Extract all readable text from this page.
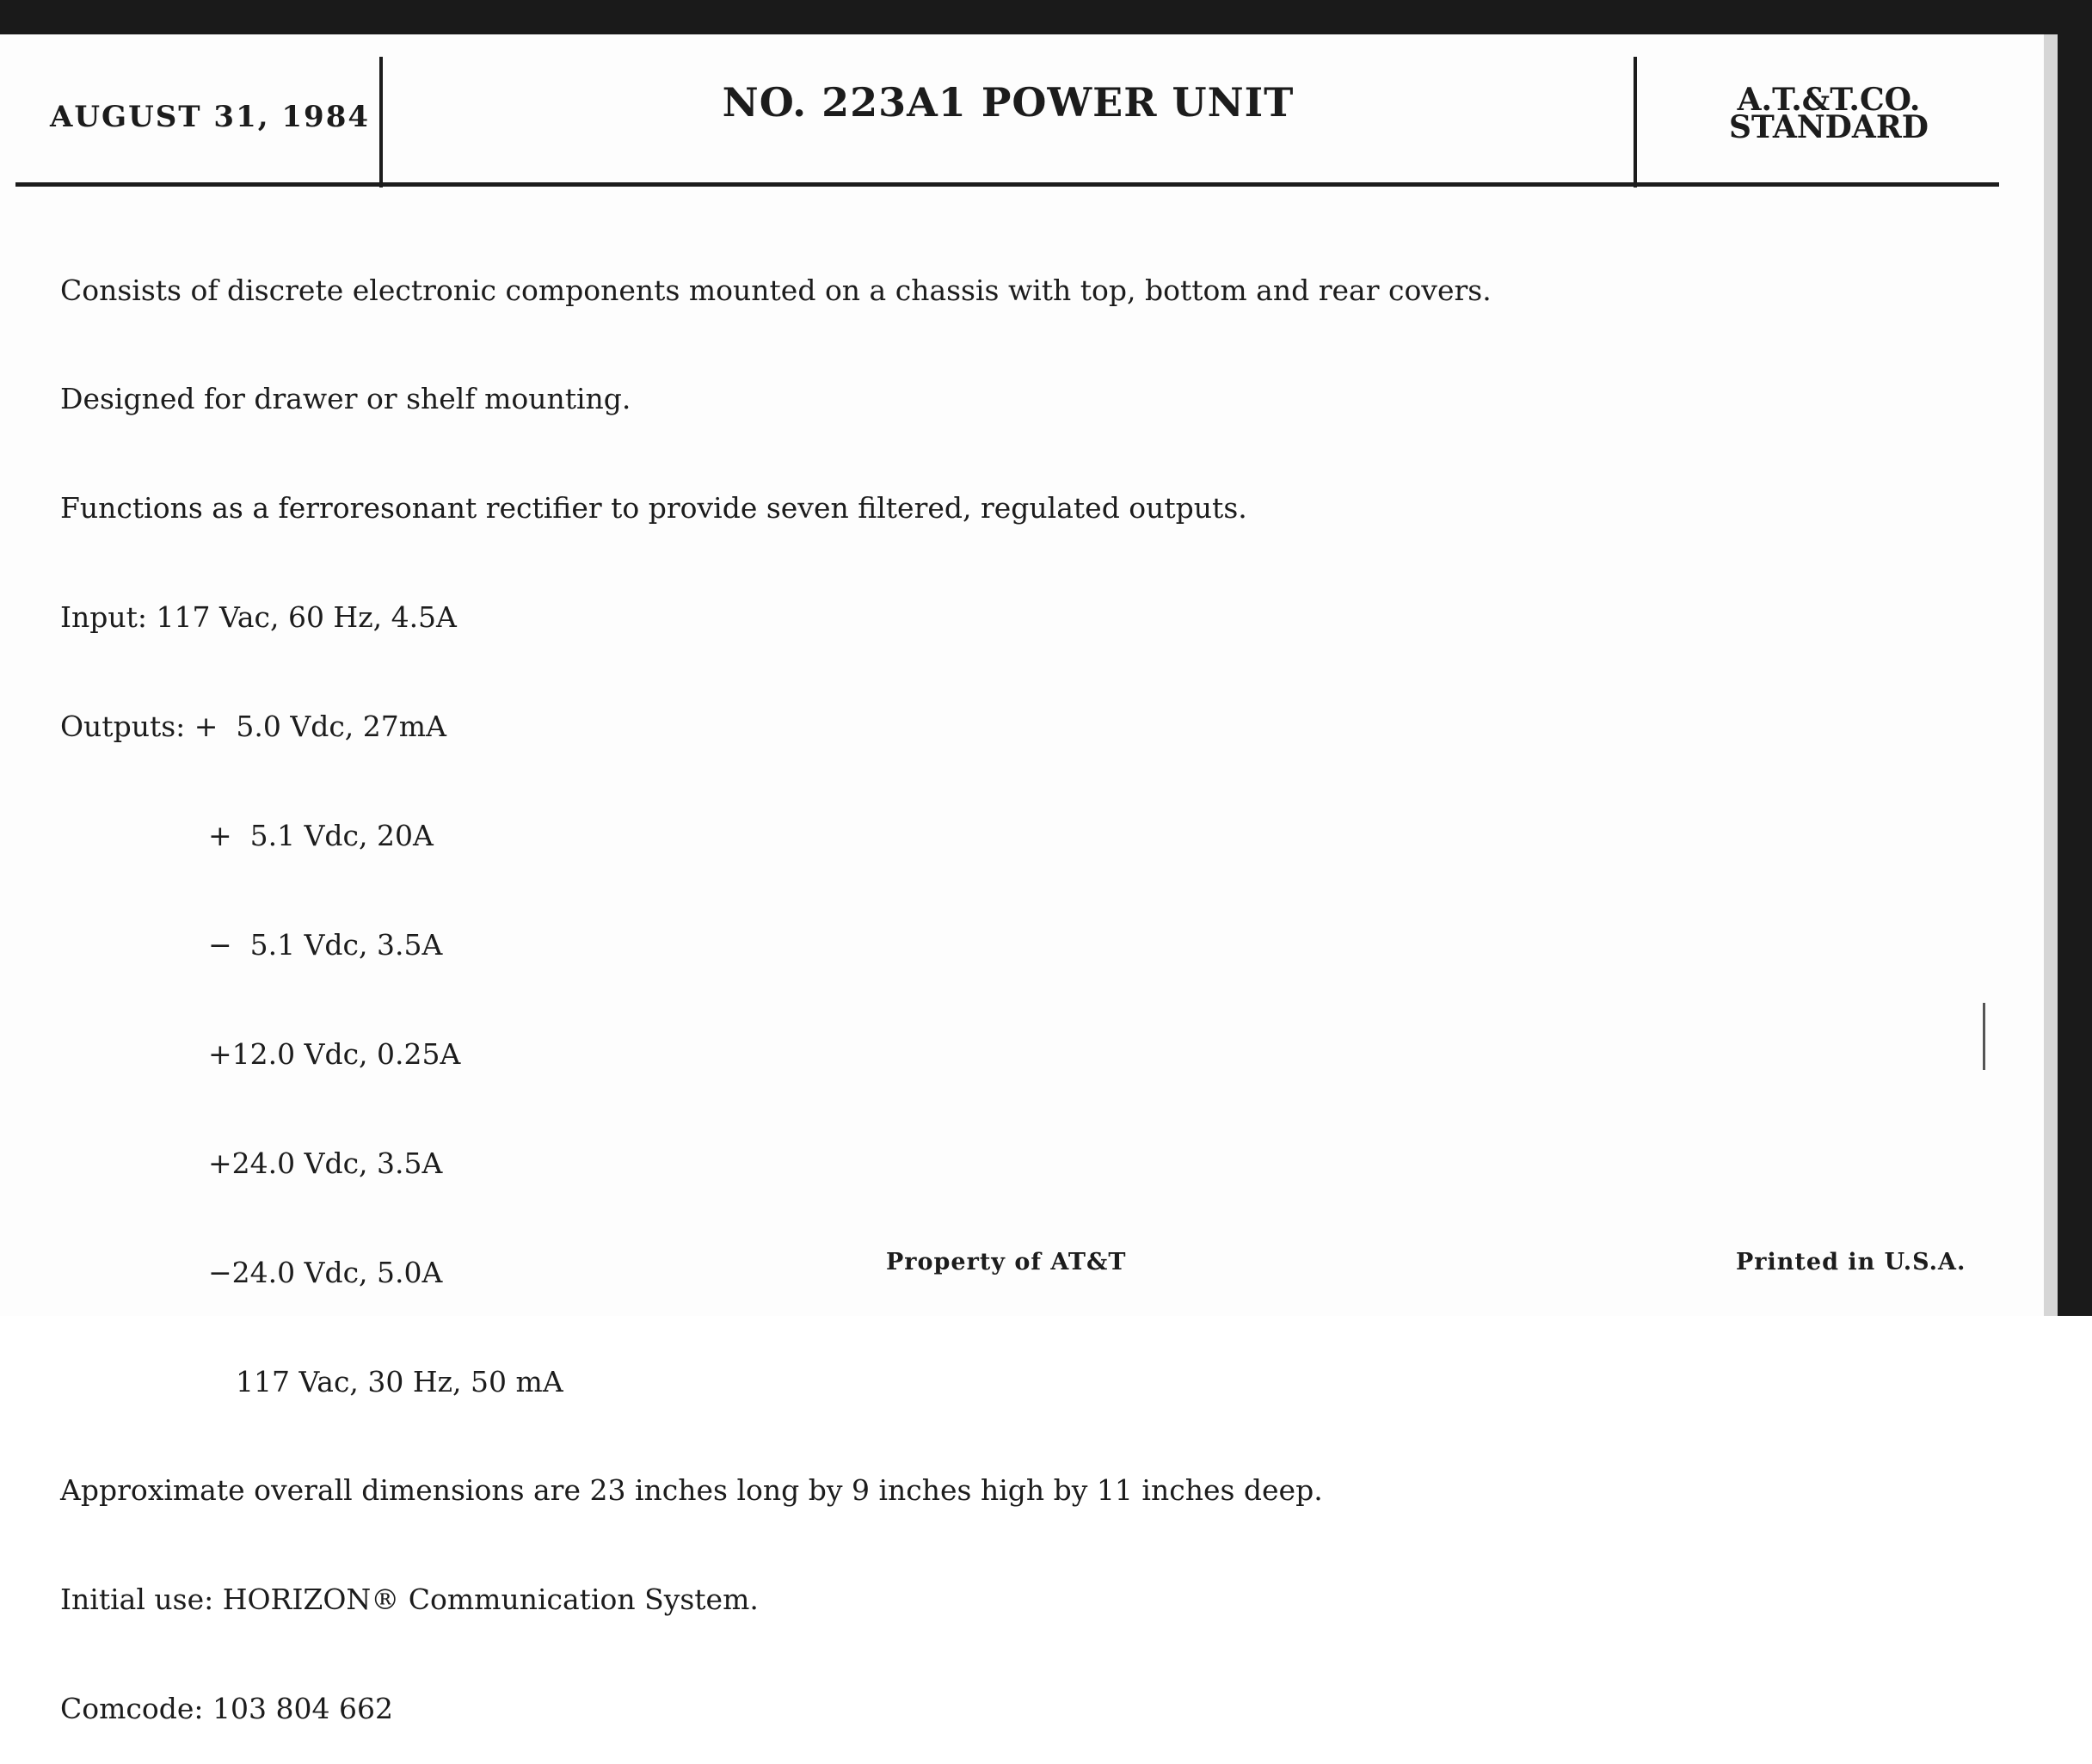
AUGUST 31, 1984	NO. 223A1 POWER UNIT	A.T.&T.CO.
STANDARD

Consists of discrete electronic components mounted on a chassis with top, bottom and rear covers.

Designed for drawer or shelf mounting.

Functions as a ferroresonant rectifier to provide seven filtered, regulated outputs.

Input: 117 Vac, 60 Hz, 4.5A

Outputs: +  5.0 Vdc, 27mA

+  5.1 Vdc, 20A

−  5.1 Vdc, 3.5A

+12.0 Vdc, 0.25A

+24.0 Vdc, 3.5A

−24.0 Vdc, 5.0A

117 Vac, 30 Hz, 50 mA

Approximate overall dimensions are 23 inches long by 9 inches high by 11 inches deep.

Initial use: HORIZON® Communication System.

Comcode: 103 804 662

Property of AT&T	Printed in U.S.A.
